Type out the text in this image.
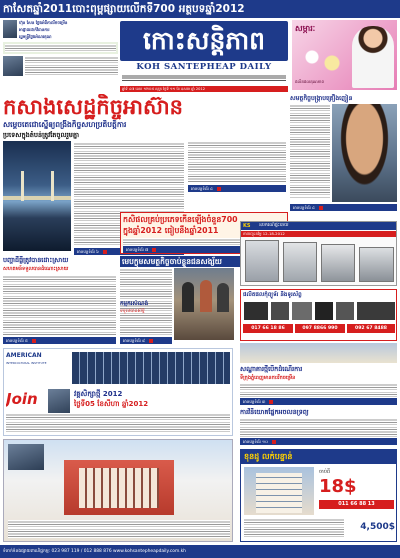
កាសែតឆ្នាំ2011បោះពុម្ពផ្សាយលើកទី700 អត្ថបទឆ្នាំ2012
ហ៊ុន សែន ថ្លែងអំពីភាពរីកចម្រើន
អាជ្ញាធរដាក់វិធានការ
រដ្ឋមន្ត្រីថ្លែងអំណរគុណ	កោះសន្តិភាព
KOH SANTEPHEAP DAILY
សម្ភារៈ
ផលិតផលគុណភាព
ឆ្នាំទី ៤៧ លេខ ១២០៥ សុក្រ ថ្ងៃទី ១១ ខែ ឧសភា ឆ្នាំ 2012
កសាងសេដ្ឋកិច្ចអាស៊ាន
សម្ដេចតេជោស្នើឲ្យពង្រឹងកិច្ចសហប្រតិបត្តិការ
ប្រទេសក្នុងតំបន់ត្រូវតែចូលរួមគ្នា
អានបន្តទំព័រ ៦
អានបន្តទំព័រ ៤
សមត្ថកិច្ចបង្ក្រាបគ្រឿងញៀន
អានបន្តទំព័រ ៤
កសិផលគ្រប់ប្រភេទកើនឡើងចំនួន700
ក្នុងឆ្នាំ2012 ធៀបនឹងឆ្នាំ2011
អានបន្តទំព័រ ៧
មេបក្លុមសមត្ថកិច្ចចាប់ខ្លួនជនសង្ស័យ
KS	ឧបករណ៍ផ្ទះបាយ
ការបញ្ចុះតម្លៃ 12-18-2012
ផលិតផលកុំព្យូទ័រ និងទូរស័ព្ទ
017 66 18 86	097 8866 990	092 67 8488
បញ្ហាដីធ្លីត្រូវបានដោះស្រាយ
សហគមន៍ទទួលបានដំណោះស្រាយ
អានបន្តទំព័រ ៥
កម្មករសំណង់
ទទួលបានសិទ្ធិ
អានបន្តទំព័រ ៨
AMERICAN
INTERCULTURAL INSTITUTE
Join	វគ្គសិក្សាថ្មី 2012
ថ្ងៃទី05 ខែសីហា ឆ្នាំ2012
សណ្ឋាគារថ្មីបើកដំណើរការ
ទីក្រុងភ្នំពេញមានការរីកចម្រើន
អានបន្តទំព័រ ៣
ការវិនិយោគផ្នែកអចលនទ្រព្យ
អានបន្តទំព័រ ១០
ខុនដូ លក់បន្ទាន់
ចាប់ពី
18$
011 66 88 13
4,500$
ទំនាក់ទំនងផ្សាយពាណិជ្ជកម្ម: 023 987 119 / 012 888 876 www.kohsantepheapdaily.com.kh
